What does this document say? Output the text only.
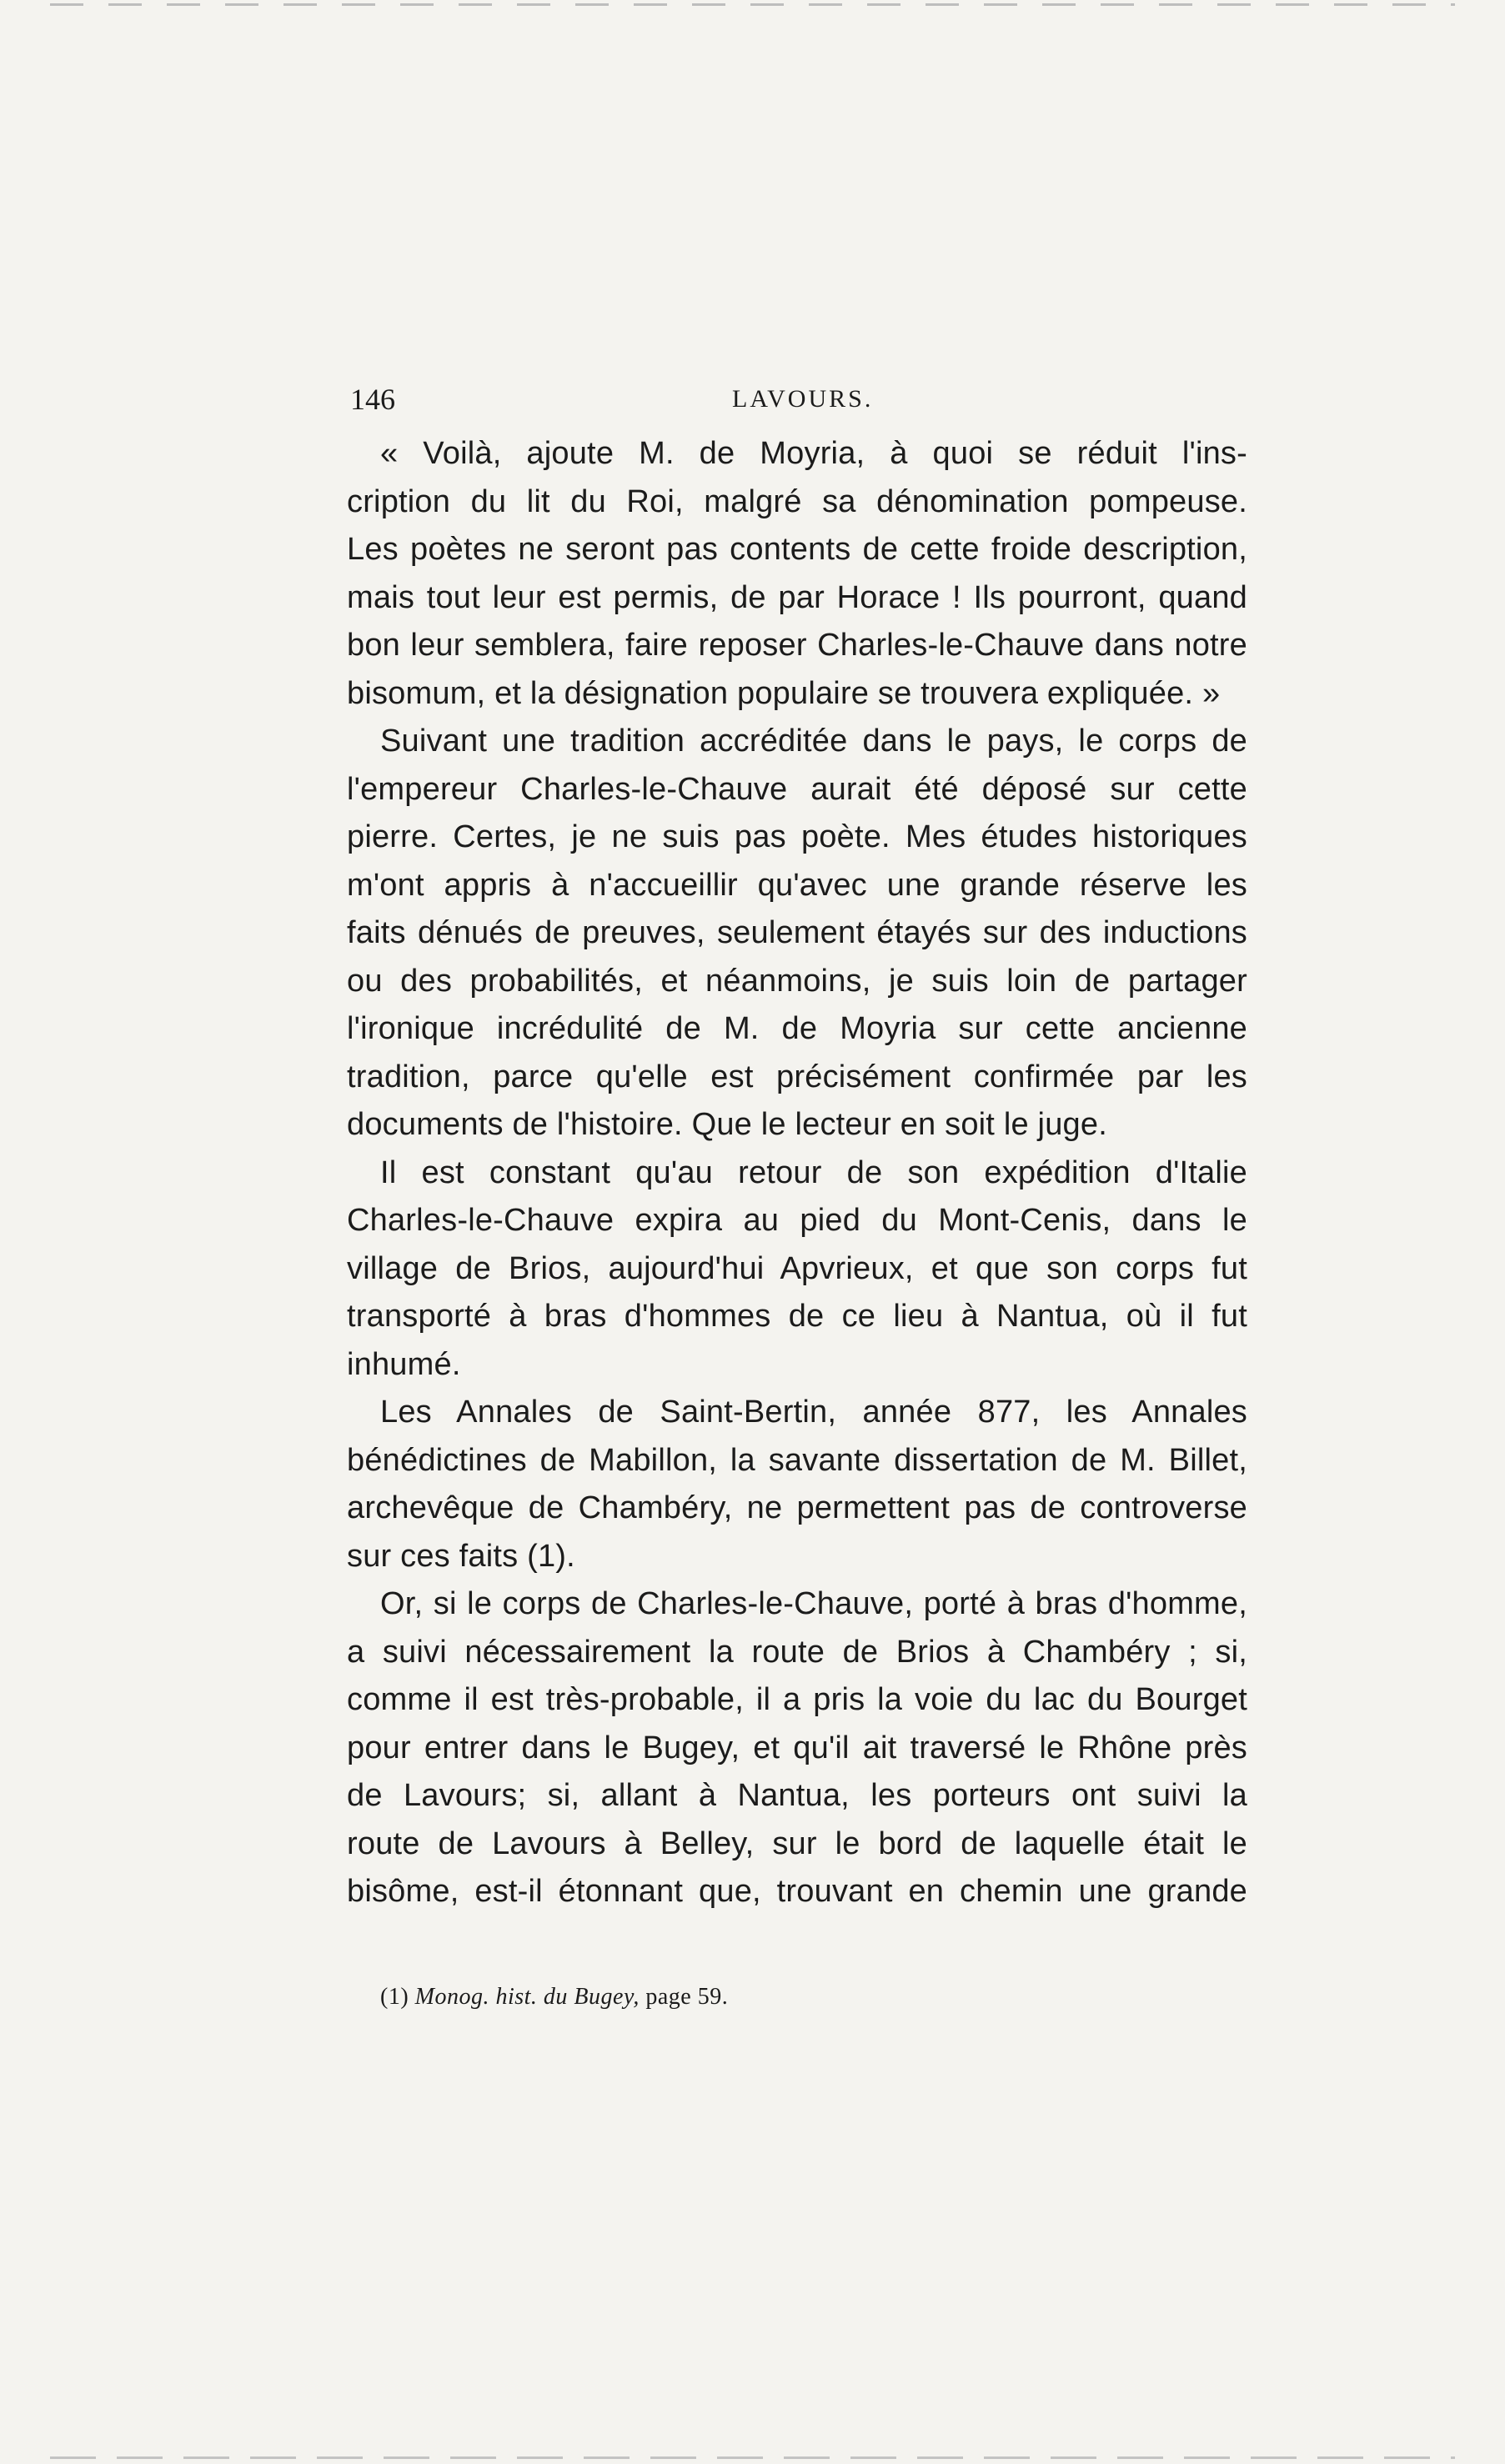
146	LAVOURS.
« Voilà, ajoute M. de Moyria, à quoi se réduit l'ins-
cription du lit du Roi, malgré sa dénomination pompeuse.
Les poètes ne seront pas contents de cette froide description,
mais tout leur est permis, de par Horace ! Ils pourront, quand
bon leur semblera, faire reposer Charles-le-Chauve dans notre
bisomum, et la désignation populaire se trouvera expliquée. »
Suivant une tradition accréditée dans le pays, le corps de
l'empereur Charles-le-Chauve aurait été déposé sur cette
pierre. Certes, je ne suis pas poète. Mes études historiques
m'ont appris à n'accueillir qu'avec une grande réserve les
faits dénués de preuves, seulement étayés sur des inductions
ou des probabilités, et néanmoins, je suis loin de partager
l'ironique incrédulité de M. de Moyria sur cette ancienne
tradition, parce qu'elle est précisément confirmée par les
documents de l'histoire. Que le lecteur en soit le juge.
Il est constant qu'au retour de son expédition d'Italie
Charles-le-Chauve expira au pied du Mont-Cenis, dans le
village de Brios, aujourd'hui Apvrieux, et que son corps fut
transporté à bras d'hommes de ce lieu à Nantua, où il fut
inhumé.
Les Annales de Saint-Bertin, année 877, les Annales
bénédictines de Mabillon, la savante dissertation de M. Billet,
archevêque de Chambéry, ne permettent pas de controverse
sur ces faits (1).
Or, si le corps de Charles-le-Chauve, porté à bras d'homme,
a suivi nécessairement la route de Brios à Chambéry ; si,
comme il est très-probable, il a pris la voie du lac du Bourget
pour entrer dans le Bugey, et qu'il ait traversé le Rhône près
de Lavours; si, allant à Nantua, les porteurs ont suivi la
route de Lavours à Belley, sur le bord de laquelle était le
bisôme, est-il étonnant que, trouvant en chemin une grande
(1) Monog. hist. du Bugey, page 59.
